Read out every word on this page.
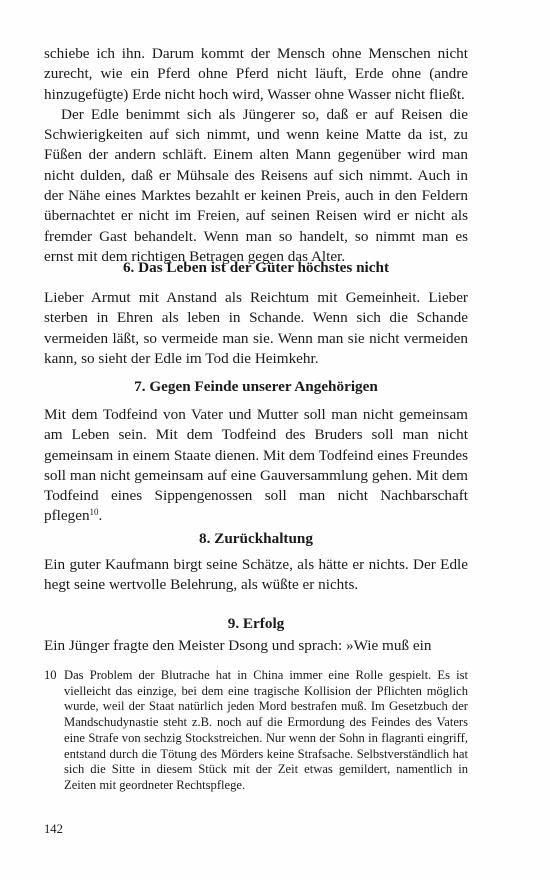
schiebe ich ihn. Darum kommt der Mensch ohne Menschen nicht zurecht, wie ein Pferd ohne Pferd nicht läuft, Erde ohne (andre hinzugefügte) Erde nicht hoch wird, Wasser ohne Wasser nicht fließt.

Der Edle benimmt sich als Jüngerer so, daß er auf Reisen die Schwierigkeiten auf sich nimmt, und wenn keine Matte da ist, zu Füßen der andern schläft. Einem alten Mann gegenüber wird man nicht dulden, daß er Mühsale des Reisens auf sich nimmt. Auch in der Nähe eines Marktes bezahlt er keinen Preis, auch in den Feldern übernachtet er nicht im Freien, auf seinen Reisen wird er nicht als fremder Gast behandelt. Wenn man so handelt, so nimmt man es ernst mit dem richtigen Betragen gegen das Alter.

6. Das Leben ist der Güter höchstes nicht

Lieber Armut mit Anstand als Reichtum mit Gemeinheit. Lieber sterben in Ehren als leben in Schande. Wenn sich die Schande vermeiden läßt, so vermeide man sie. Wenn man sie nicht vermeiden kann, so sieht der Edle im Tod die Heimkehr.

7. Gegen Feinde unserer Angehörigen

Mit dem Todfeind von Vater und Mutter soll man nicht gemeinsam am Leben sein. Mit dem Todfeind des Bruders soll man nicht gemeinsam in einem Staate dienen. Mit dem Todfeind eines Freundes soll man nicht gemeinsam auf eine Gauversammlung gehen. Mit dem Todfeind eines Sippengenossen soll man nicht Nachbarschaft pflegen$^{10}$.

8. Zurückhaltung

Ein guter Kaufmann birgt seine Schätze, als hätte er nichts. Der Edle hegt seine wertvolle Belehrung, als wüßte er nichts.

9. Erfolg

Ein Jünger fragte den Meister Dsong und sprach: »Wie muß ein

10 Das Problem der Blutrache hat in China immer eine Rolle gespielt. Es ist vielleicht das einzige, bei dem eine tragische Kollision der Pflichten möglich wurde, weil der Staat natürlich jeden Mord bestrafen muß. Im Gesetzbuch der Mandschudynastie steht z.B. noch auf die Ermordung des Feindes des Vaters eine Strafe von sechzig Stockstreichen. Nur wenn der Sohn in flagranti eingriff, entstand durch die Tötung des Mörders keine Strafsache. Selbstverständlich hat sich die Sitte in diesem Stück mit der Zeit etwas gemildert, namentlich in Zeiten mit geordneter Rechtspflege.
142
